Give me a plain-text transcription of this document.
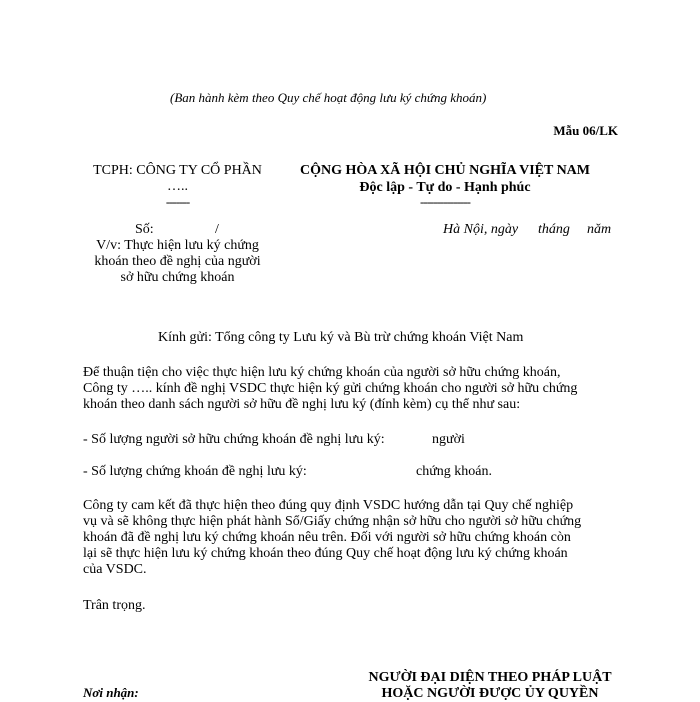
(Ban hành kèm theo Quy chế hoạt động lưu ký chứng khoán)
Mẫu 06/LK
TCPH: CÔNG TY CỔ PHẦN
…..
-------
Số:	/
V/v: Thực hiện lưu ký chứng
khoán theo đề nghị của người
sở hữu chứng khoán
CỘNG HÒA XÃ HỘI CHỦ NGHĨA VIỆT NAM
Độc lập - Tự do - Hạnh phúc
---------------
Hà Nội, ngày tháng năm
Kính gửi: Tổng công ty Lưu ký và Bù trừ chứng khoán Việt Nam
Để thuận tiện cho việc thực hiện lưu ký chứng khoán của người sở hữu chứng khoán,
Công ty ….. kính đề nghị VSDC thực hiện ký gửi chứng khoán cho người sở hữu chứng
khoán theo danh sách người sở hữu đề nghị lưu ký (đính kèm) cụ thể như sau:
- Số lượng người sở hữu chứng khoán đề nghị lưu ký:	người
- Số lượng chứng khoán đề nghị lưu ký:	chứng khoán.
Công ty cam kết đã thực hiện theo đúng quy định VSDC hướng dẫn tại Quy chế nghiệp
vụ và sẽ không thực hiện phát hành Sổ/Giấy chứng nhận sở hữu cho người sở hữu chứng
khoán đã đề nghị lưu ký chứng khoán nêu trên. Đối với người sở hữu chứng khoán còn
lại sẽ thực hiện lưu ký chứng khoán theo đúng Quy chế hoạt động lưu ký chứng khoán
của VSDC.
Trân trọng.
NGƯỜI ĐẠI DIỆN THEO PHÁP LUẬT
HOẶC NGƯỜI ĐƯỢC ỦY QUYỀN
Nơi nhận:
